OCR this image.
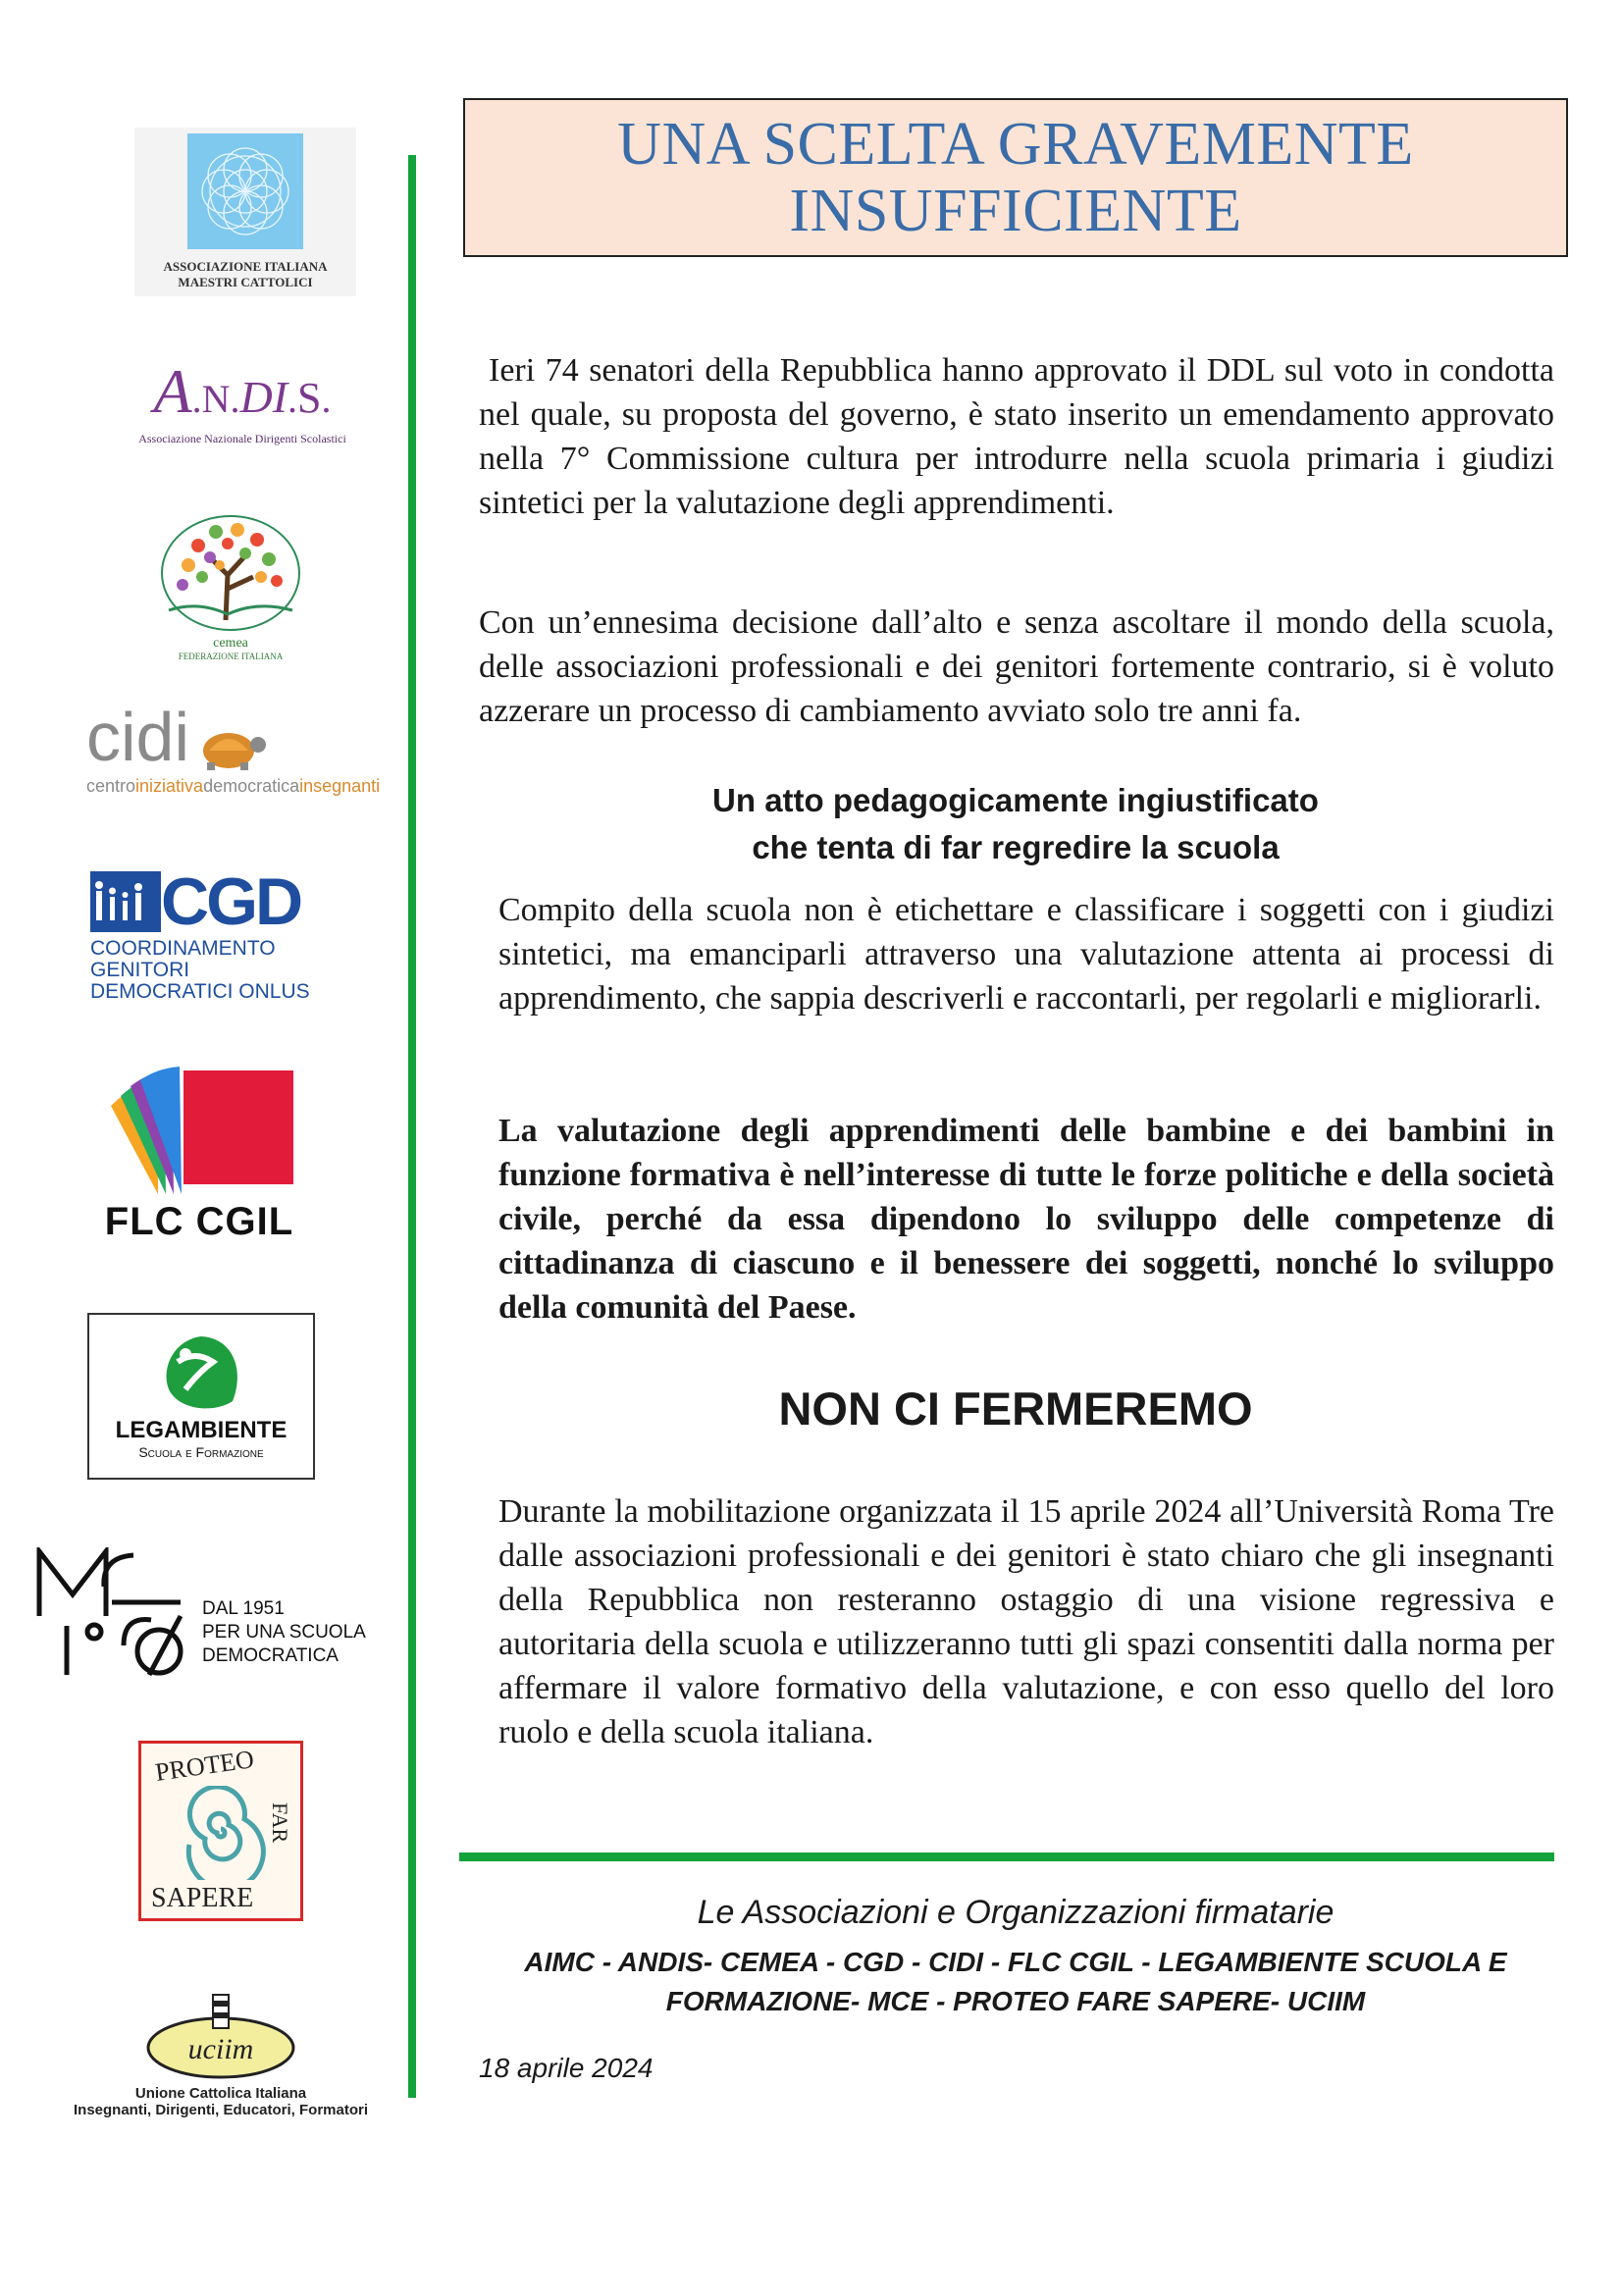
ASSOCIAZIONE ITALIANA
MAESTRI CATTOLICI
A.N.DI.S.
Associazione Nazionale Dirigenti Scolastici
cemea
FEDERAZIONE ITALIANA
cidi
centroiniziativademocraticainsegnanti
CGD
COORDINAMENTO
GENITORI
DEMOCRATICI ONLUS
FLC CGIL
LEGAMBIENTE
Scuola e Formazione
DAL 1951
PER UNA SCUOLA
DEMOCRATICA
PROTEO
FAR
SAPERE
uciim
Unione Cattolica Italiana
Insegnanti, Dirigenti, Educatori, Formatori
UNA SCELTA GRAVEMENTE INSUFFICIENTE
Ieri 74 senatori della Repubblica hanno approvato il DDL sul voto in condotta nel quale, su proposta del governo, è stato inserito un emendamento approvato nella 7° Commissione cultura per introdurre nella scuola primaria i giudizi sintetici per la valutazione degli apprendimenti.
Con un’ennesima decisione dall’alto e senza ascoltare il mondo della scuola, delle associazioni professionali e dei genitori fortemente contrario, si è voluto azzerare un processo di cambiamento avviato solo tre anni fa.
Un atto pedagogicamente ingiustificato
che tenta di far regredire la scuola
Compito della scuola non è etichettare e classificare i soggetti con i giudizi sintetici, ma emanciparli attraverso una valutazione attenta ai processi di apprendimento, che sappia descriverli e raccontarli, per regolarli e migliorarli.
La valutazione degli apprendimenti delle bambine e dei bambini in funzione formativa è nell’interesse di tutte le forze politiche e della società civile, perché da essa dipendono lo sviluppo delle competenze di cittadinanza di ciascuno e il benessere dei soggetti, nonché lo sviluppo della comunità del Paese.
NON CI FERMEREMO
Durante la mobilitazione organizzata il 15 aprile 2024 all’Università Roma Tre dalle associazioni professionali e dei genitori è stato chiaro che gli insegnanti della Repubblica non resteranno ostaggio di una visione regressiva e autoritaria della scuola e utilizzeranno tutti gli spazi consentiti dalla norma per affermare il valore formativo della valutazione, e con esso quello del loro ruolo e della scuola italiana.
Le Associazioni e Organizzazioni firmatarie
AIMC - ANDIS- CEMEA - CGD - CIDI - FLC CGIL - LEGAMBIENTE SCUOLA E
FORMAZIONE- MCE - PROTEO FARE SAPERE- UCIIM
18 aprile 2024
